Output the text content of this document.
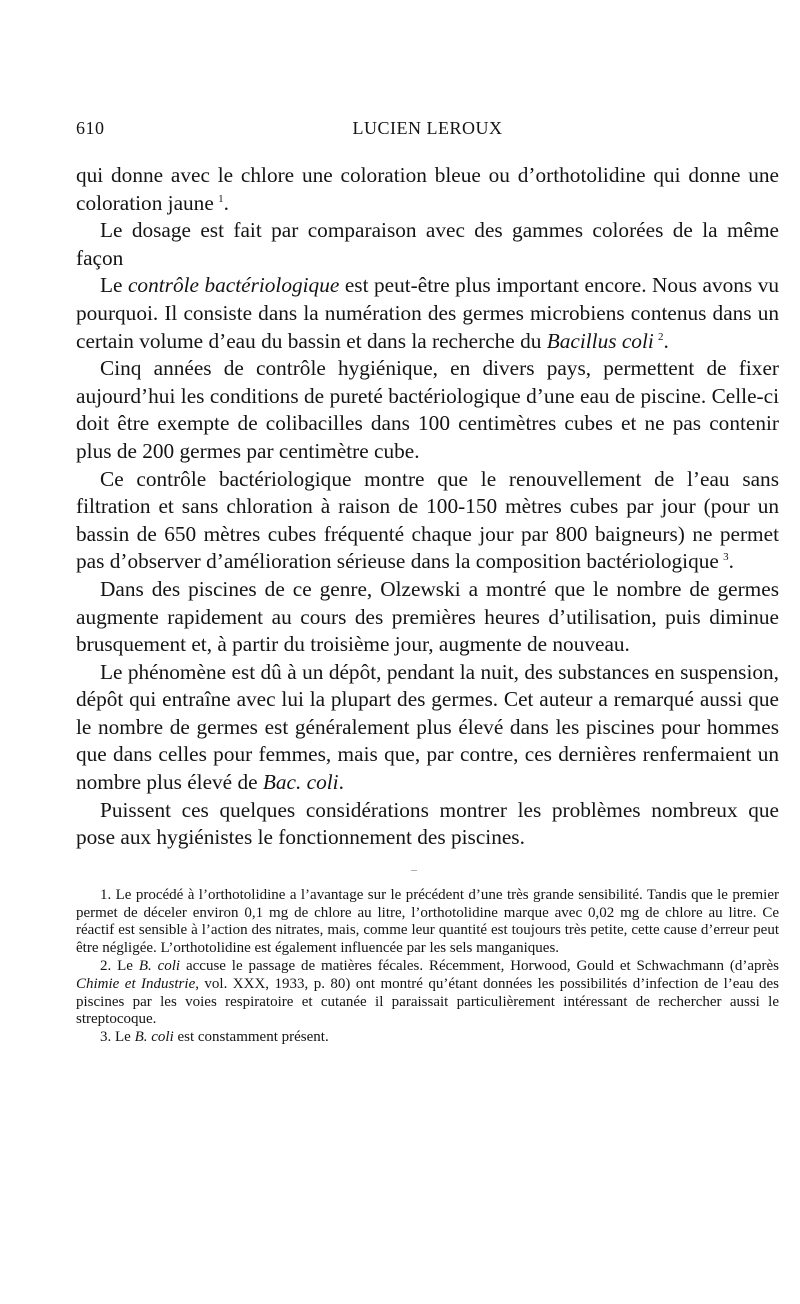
610	LUCIEN LEROUX

qui donne avec le chlore une coloration bleue ou d’orthotolidine qui donne une coloration jaune  $^1$.

Le dosage est fait par comparaison avec des gammes colorées de la même façon

Le contrôle bactériologique est peut-être plus important encore. Nous avons vu pourquoi. Il consiste dans la numération des germes microbiens contenus dans un certain volume d’eau du bassin et dans la recherche du Bacillus coli  $^2$.

Cinq années de contrôle hygiénique, en divers pays, permettent de fixer aujourd’hui les conditions de pureté bactériologique d’une eau de piscine. Celle-ci doit être exempte de colibacilles dans 100 centimètres cubes et ne pas contenir plus de 200 germes par centimètre cube.

Ce contrôle bactériologique montre que le renouvellement de l’eau sans filtration et sans chloration à raison de 100-150 mètres cubes par jour (pour un bassin de 650 mètres cubes fréquenté chaque jour par 800 baigneurs) ne permet pas d’observer d’amélioration sérieuse dans la composition bactériologique  $^3$.

Dans des piscines de ce genre, Olzewski a montré que le nombre de germes augmente rapidement au cours des premières heures d’utilisation, puis diminue brusquement et, à partir du troisième jour, augmente de nouveau.

Le phénomène est dû à un dépôt, pendant la nuit, des substances en suspension, dépôt qui entraîne avec lui la plupart des germes. Cet auteur a remarqué aussi que le nombre de germes est généralement plus élevé dans les piscines pour hommes que dans celles pour femmes, mais que, par contre, ces dernières renfermaient un nombre plus élevé de Bac. coli.

Puissent ces quelques considérations montrer les problèmes nombreux que pose aux hygiénistes le fonctionnement des piscines.

1. Le procédé à l’orthotolidine a l’avantage sur le précédent d’une très grande sensibilité. Tandis que le premier permet de déceler environ 0,1 mg de chlore au litre, l’orthotolidine marque avec 0,02 mg de chlore au litre. Ce réactif est sensible à l’action des nitrates, mais, comme leur quantité est toujours très petite, cette cause d’erreur peut être négligée. L’orthotolidine est également influencée par les sels manganiques.

2. Le B. coli accuse le passage de matières fécales. Récemment, Horwood, Gould et Schwachmann (d’après Chimie et Industrie, vol. XXX, 1933, p. 80) ont montré qu’étant données les possibilités d’infection de l’eau des piscines par les voies respiratoire et cutanée il paraissait particulièrement intéressant de rechercher aussi le streptocoque.

3. Le B. coli est constamment présent.
